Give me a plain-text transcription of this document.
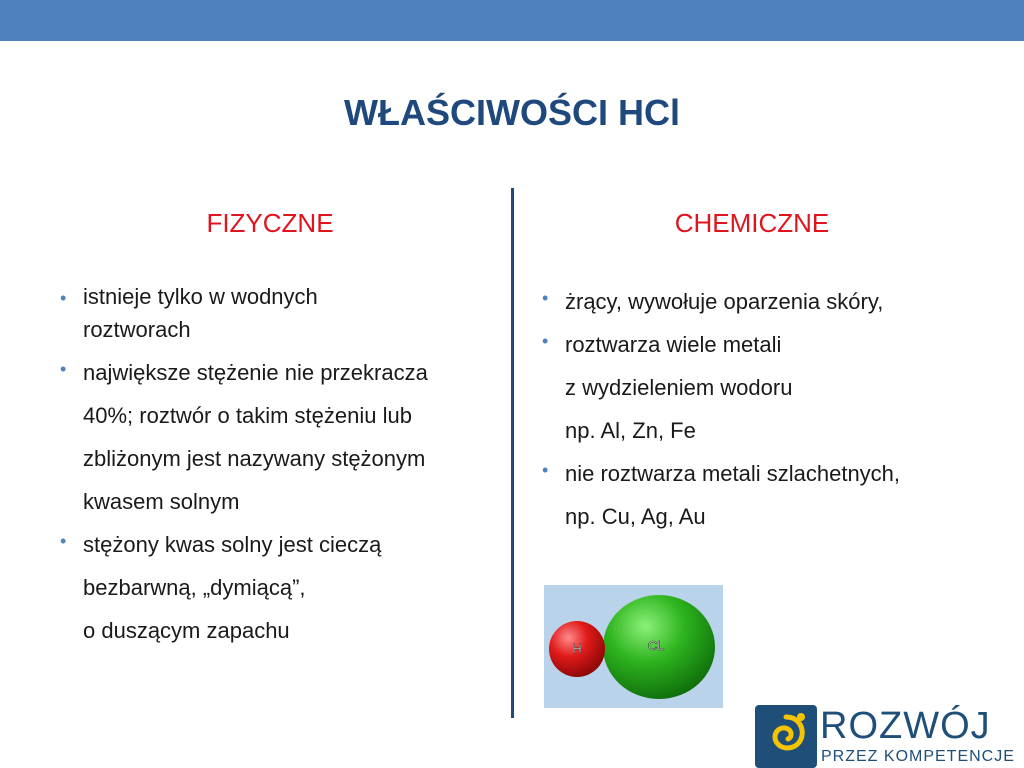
WŁAŚCIWOŚCI HCl
FIZYCZNE	CHEMICZNE
• istnieje tylko w wodnych
roztworach
• największe stężenie nie przekracza
40%; roztwór o takim stężeniu lub
zbliżonym jest nazywany stężonym
kwasem solnym
• stężony kwas solny jest cieczą
bezbarwną, „dymiącą”,
o duszącym zapachu
• żrący, wywołuje oparzenia skóry,
• roztwarza wiele metali
z wydzieleniem wodoru
np. Al, Zn, Fe
• nie roztwarza metali szlachetnych,
np. Cu, Ag, Au
H	CL
ROZWÓJ
PRZEZ KOMPETENCJE
